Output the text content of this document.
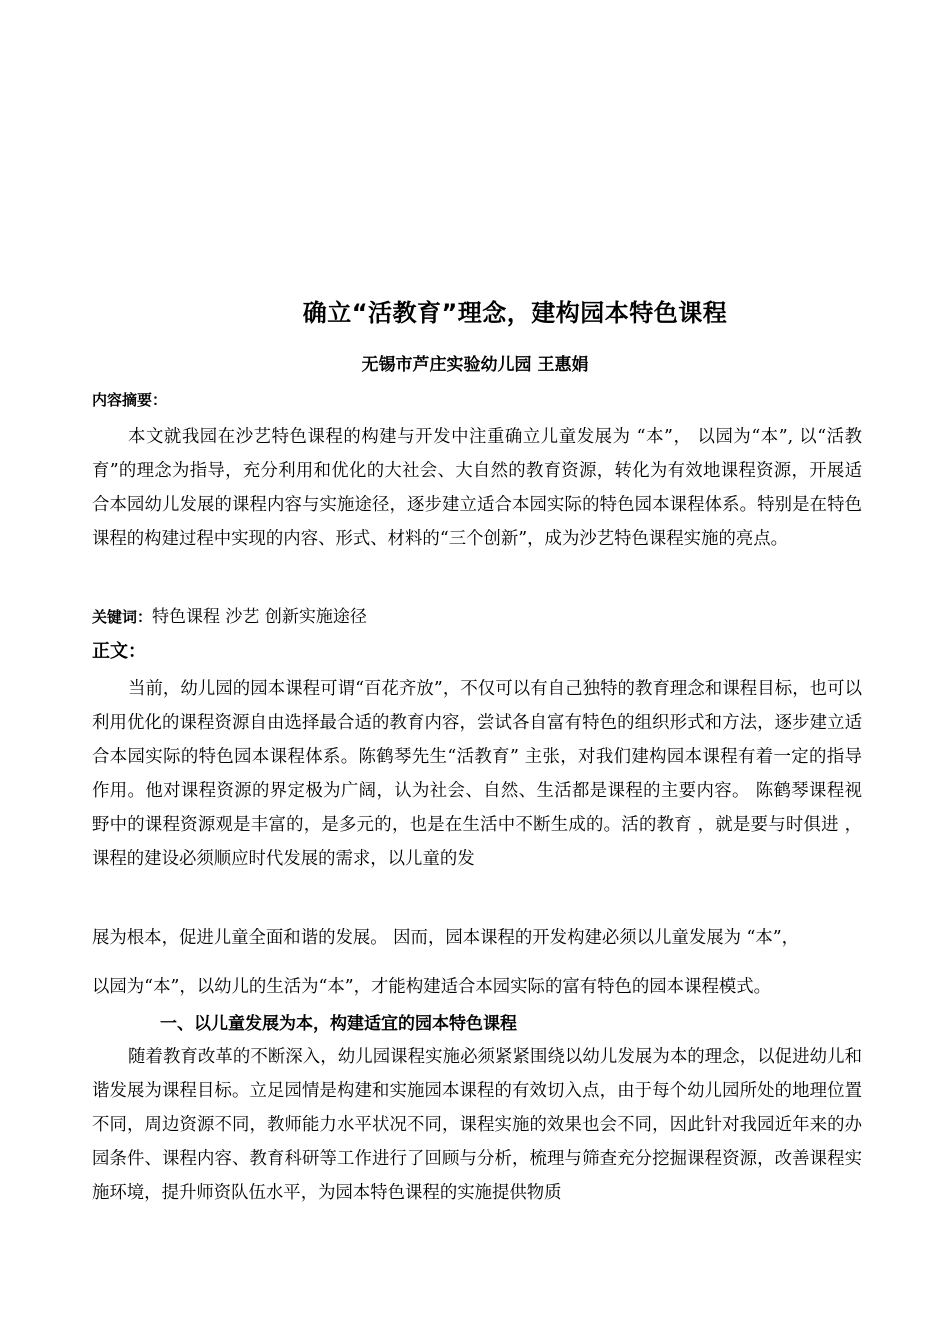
确立“活教育”理念，建构园本特色课程
无锡市芦庄实验幼儿园 王惠娟
内容摘要：

本文就我园在沙艺特色课程的构建与开发中注重确立儿童发展为 “本”， 以园为“本”, 以“活教育”的理念为指导，充分利用和优化的大社会、大自然的教育资源，转化为有效地课程资源，开展适合本园幼儿发展的课程内容与实施途径，逐步建立适合本园实际的特色园本课程体系。特别是在特色课程的构建过程中实现的内容、形式、材料的“三个创新”，成为沙艺特色课程实施的亮点。

关键词：特色课程 沙艺 创新实施途径
正文：

当前，幼儿园的园本课程可谓“百花齐放”，不仅可以有自己独特的教育理念和课程目标，也可以利用优化的课程资源自由选择最合适的教育内容，尝试各自富有特色的组织形式和方法，逐步建立适合本园实际的特色园本课程体系。陈鹤琴先生“活教育” 主张，对我们建构园本课程有着一定的指导作用。他对课程资源的界定极为广阔，认为社会、自然、生活都是课程的主要内容。 陈鹤琴课程视野中的课程资源观是丰富的，是多元的，也是在生活中不断生成的。活的教育 ，就是要与时俱进 ，课程的建设必须顺应时代发展的需求，以儿童的发

展为根本，促进儿童全面和谐的发展。 因而，园本课程的开发构建必须以儿童发展为 “本”，
以园为“本”，以幼儿的生活为“本”，才能构建适合本园实际的富有特色的园本课程模式。
一、以儿童发展为本，构建适宜的园本特色课程

随着教育改革的不断深入，幼儿园课程实施必须紧紧围绕以幼儿发展为本的理念，以促进幼儿和谐发展为课程目标。立足园情是构建和实施园本课程的有效切入点，由于每个幼儿园所处的地理位置不同，周边资源不同，教师能力水平状况不同，课程实施的效果也会不同，因此针对我园近年来的办园条件、课程内容、教育科研等工作进行了回顾与分析，梳理与筛查充分挖掘课程资源，改善课程实施环境，提升师资队伍水平，为园本特色课程的实施提供物质
